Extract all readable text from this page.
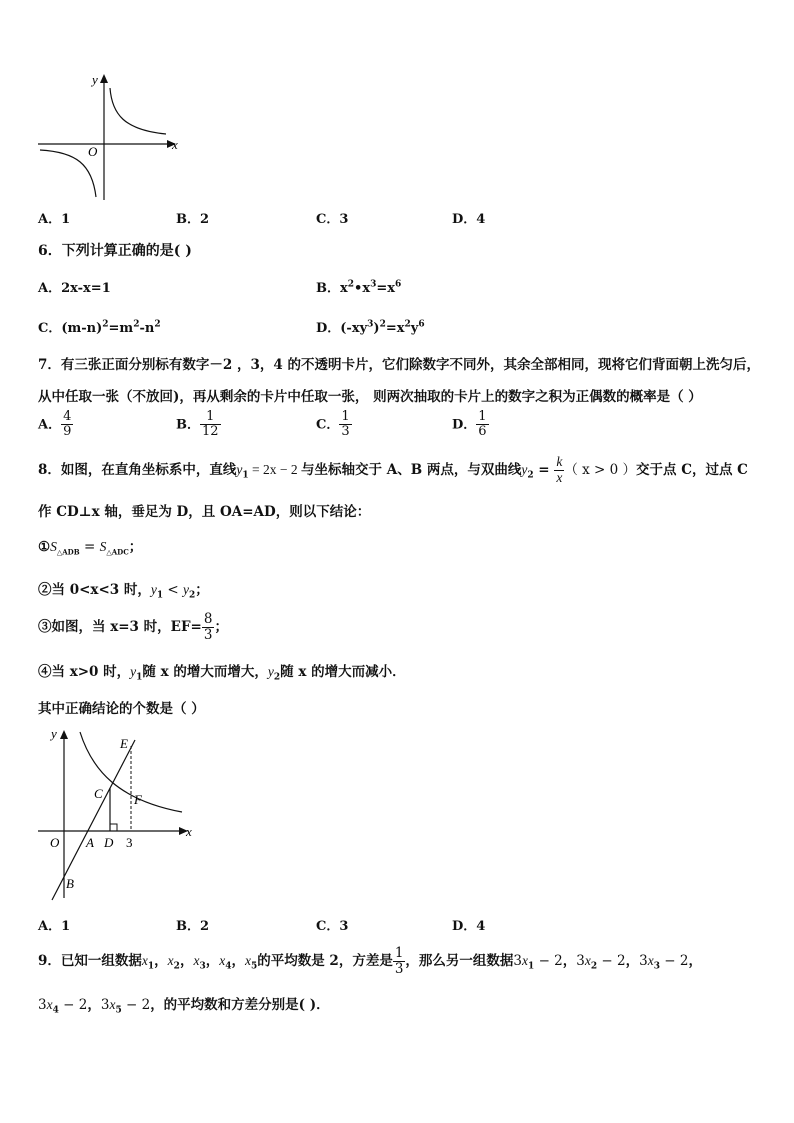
y
x
O
A．1	B．2	C．3	D．4
6．下列计算正确的是( )
A．2x-x=1	B．$x^2•x^3=x^6$
C．$(m-n)^2=m^2-n^2$	D．$(-xy^3)^2=x^2y^6$
7．有三张正面分别标有数字－2 ，3，4 的不透明卡片，它们除数字不同外，其余全部相同，现将它们背面朝上洗匀后，
从中任取一张（不放回)，再从剩余的卡片中任取一张， 则两次抽取的卡片上的数字之积为正偶数的概率是（ ）
A． $\frac{4}{9}$	B． $\frac{1}{12}$	C． $\frac{1}{3}$	D． $\frac{1}{6}$
8．如图，在直角坐标系中，直线$y_1 = 2x - 2$ 与坐标轴交于 A、B 两点，与双曲线$y_2 = \frac{k}{x}$ （ x > 0 ）交于点 C，过点 C
作 CD⊥x 轴，垂足为 D，且 OA=AD，则以下结论：
$①S_{\triangle ADB} = S_{\triangle ADC}$；
②当 0<x<3 时，$y_1 < y_2$；
③如图，当 x=3 时，$EF= \frac{8}{3}$ ；
④当 x>0 时，$y_1$随 x 的增大而增大，$y_2$随 x 的增大而减小．
其中正确结论的个数是（ ）
y
x
O A D 3
B
C
E
F
A．1	B．2	C．3	D．4
9．已知一组数据$x_1$，$x_2$，$x_3$，$x_4$，$x_5$的平均数是 2，方差是 $\frac{1}{3}$ ，那么另一组数据$3x_1 - 2$，$3x_2 - 2$，$3x_3 - 2$，
$3x_4 - 2$，$3x_5 - 2$，的平均数和方差分别是( )．
